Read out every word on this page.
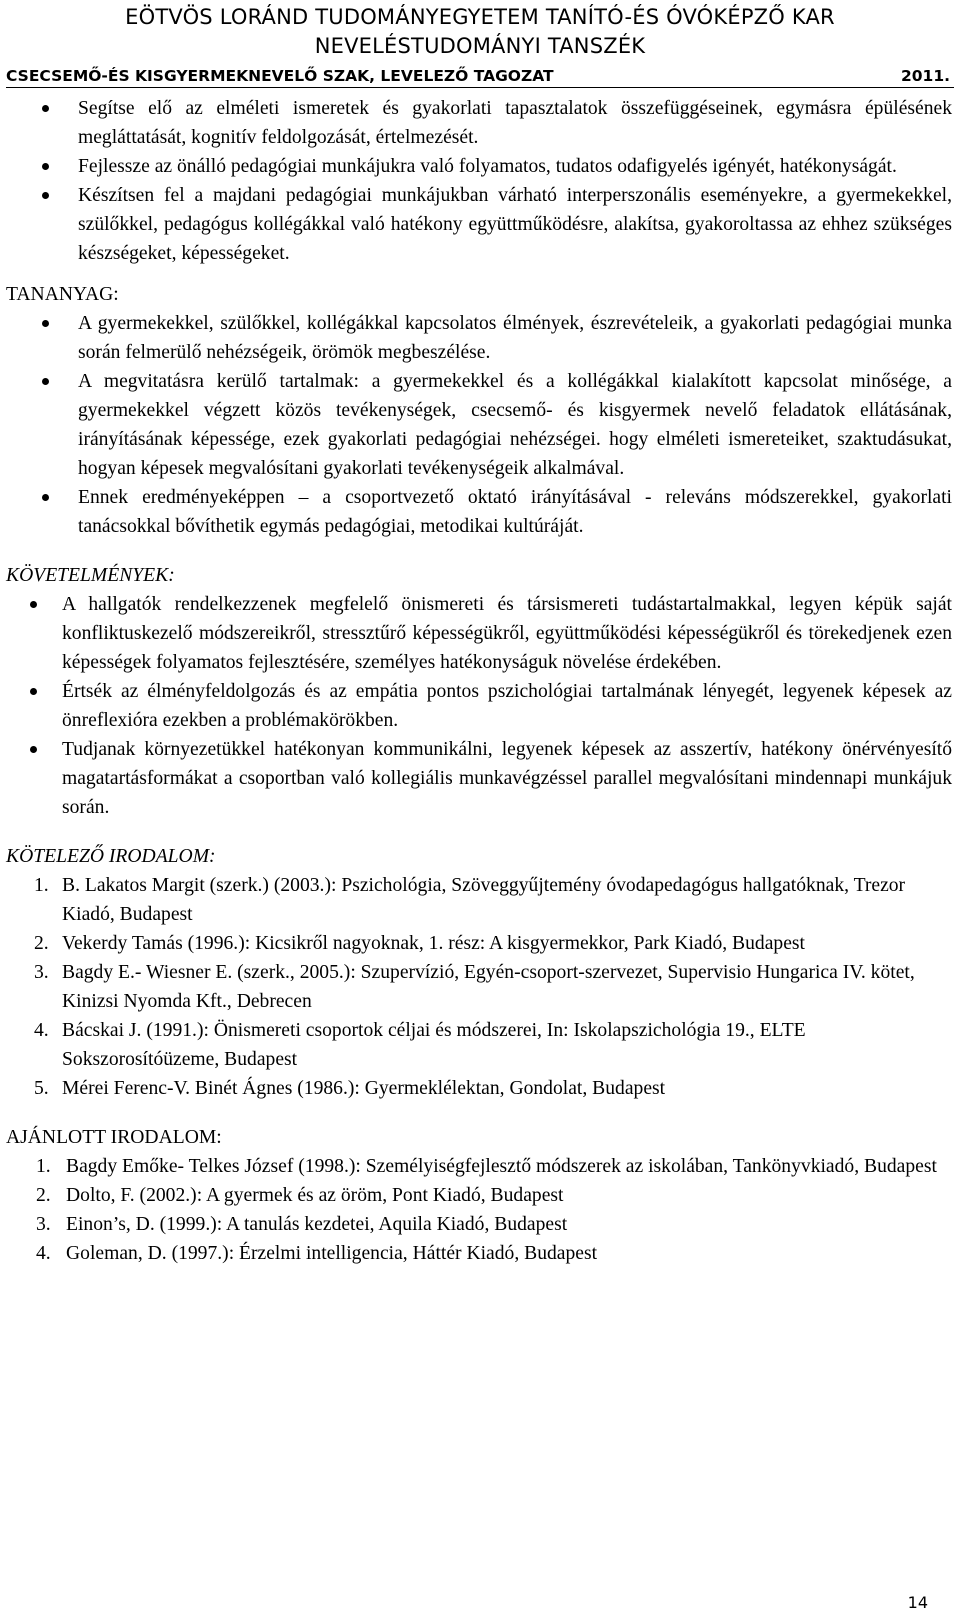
EÖTVÖS LORÁND TUDOMÁNYEGYETEM TANÍTÓ-ÉS ÓVÓKÉPZŐ KAR
NEVELÉSTUDOMÁNYI TANSZÉK
CSECSEMŐ-ÉS KISGYERMEKNEVELŐ SZAK, LEVELEZŐ TAGOZAT	2011.
Segítse elő az elméleti ismeretek és gyakorlati tapasztalatok összefüggéseinek, egymásra épülésének megláttatását, kognitív feldolgozását, értelmezését.
Fejlessze az önálló pedagógiai munkájukra való folyamatos, tudatos odafigyelés igényét, hatékonyságát.
Készítsen fel a majdani pedagógiai munkájukban várható interperszonális eseményekre, a gyermekekkel, szülőkkel, pedagógus kollégákkal való hatékony együttműködésre, alakítsa, gyakoroltassa az ehhez szükséges készségeket, képességeket.
TANANYAG:
A gyermekekkel, szülőkkel, kollégákkal kapcsolatos élmények, észrevételeik, a gyakorlati pedagógiai munka során felmerülő nehézségeik, örömök megbeszélése.
A megvitatásra kerülő tartalmak: a gyermekekkel és a kollégákkal kialakított kapcsolat minősége, a gyermekekkel végzett közös tevékenységek, csecsemő- és kisgyermek nevelő feladatok ellátásának, irányításának képessége, ezek gyakorlati pedagógiai nehézségei. hogy elméleti ismereteiket, szaktudásukat, hogyan képesek megvalósítani gyakorlati tevékenységeik alkalmával.
Ennek eredményeképpen – a csoportvezető oktató irányításával - releváns módszerekkel, gyakorlati tanácsokkal bővíthetik egymás pedagógiai, metodikai kultúráját.
KÖVETELMÉNYEK:
A hallgatók rendelkezzenek megfelelő önismereti és társismereti tudástartalmakkal, legyen képük saját konfliktuskezelő módszereikről, stressztűrő képességükről, együttműködési képességükről és törekedjenek ezen képességek folyamatos fejlesztésére, személyes hatékonyságuk növelése érdekében.
Értsék az élményfeldolgozás és az empátia pontos pszichológiai tartalmának lényegét, legyenek képesek az önreflexióra ezekben a problémakörökben.
Tudjanak környezetükkel hatékonyan kommunikálni, legyenek képesek az asszertív, hatékony önérvényesítő magatartásformákat a csoportban való kollegiális munkavégzéssel parallel megvalósítani mindennapi munkájuk során.
KÖTELEZŐ IRODALOM:
1. B. Lakatos Margit (szerk.) (2003.): Pszichológia, Szöveggyűjtemény óvodapedagógus hallgatóknak, Trezor Kiadó, Budapest
2. Vekerdy Tamás (1996.): Kicsikről nagyoknak, 1. rész: A kisgyermekkor, Park Kiadó, Budapest
3. Bagdy E.- Wiesner E. (szerk., 2005.): Szupervízió, Egyén-csoport-szervezet, Supervisio Hungarica IV. kötet, Kinizsi Nyomda Kft., Debrecen
4. Bácskai J. (1991.): Önismereti csoportok céljai és módszerei, In: Iskolapszichológia 19., ELTE Sokszorosítóüzeme, Budapest
5. Mérei Ferenc-V. Binét Ágnes (1986.): Gyermeklélektan, Gondolat, Budapest
AJÁNLOTT IRODALOM:
1. Bagdy Emőke- Telkes József (1998.): Személyiségfejlesztő módszerek az iskolában, Tankönyvkiadó, Budapest
2. Dolto, F. (2002.): A gyermek és az öröm, Pont Kiadó, Budapest
3. Einon’s, D. (1999.): A tanulás kezdetei, Aquila Kiadó, Budapest
4. Goleman, D. (1997.): Érzelmi intelligencia, Háttér Kiadó, Budapest
14
